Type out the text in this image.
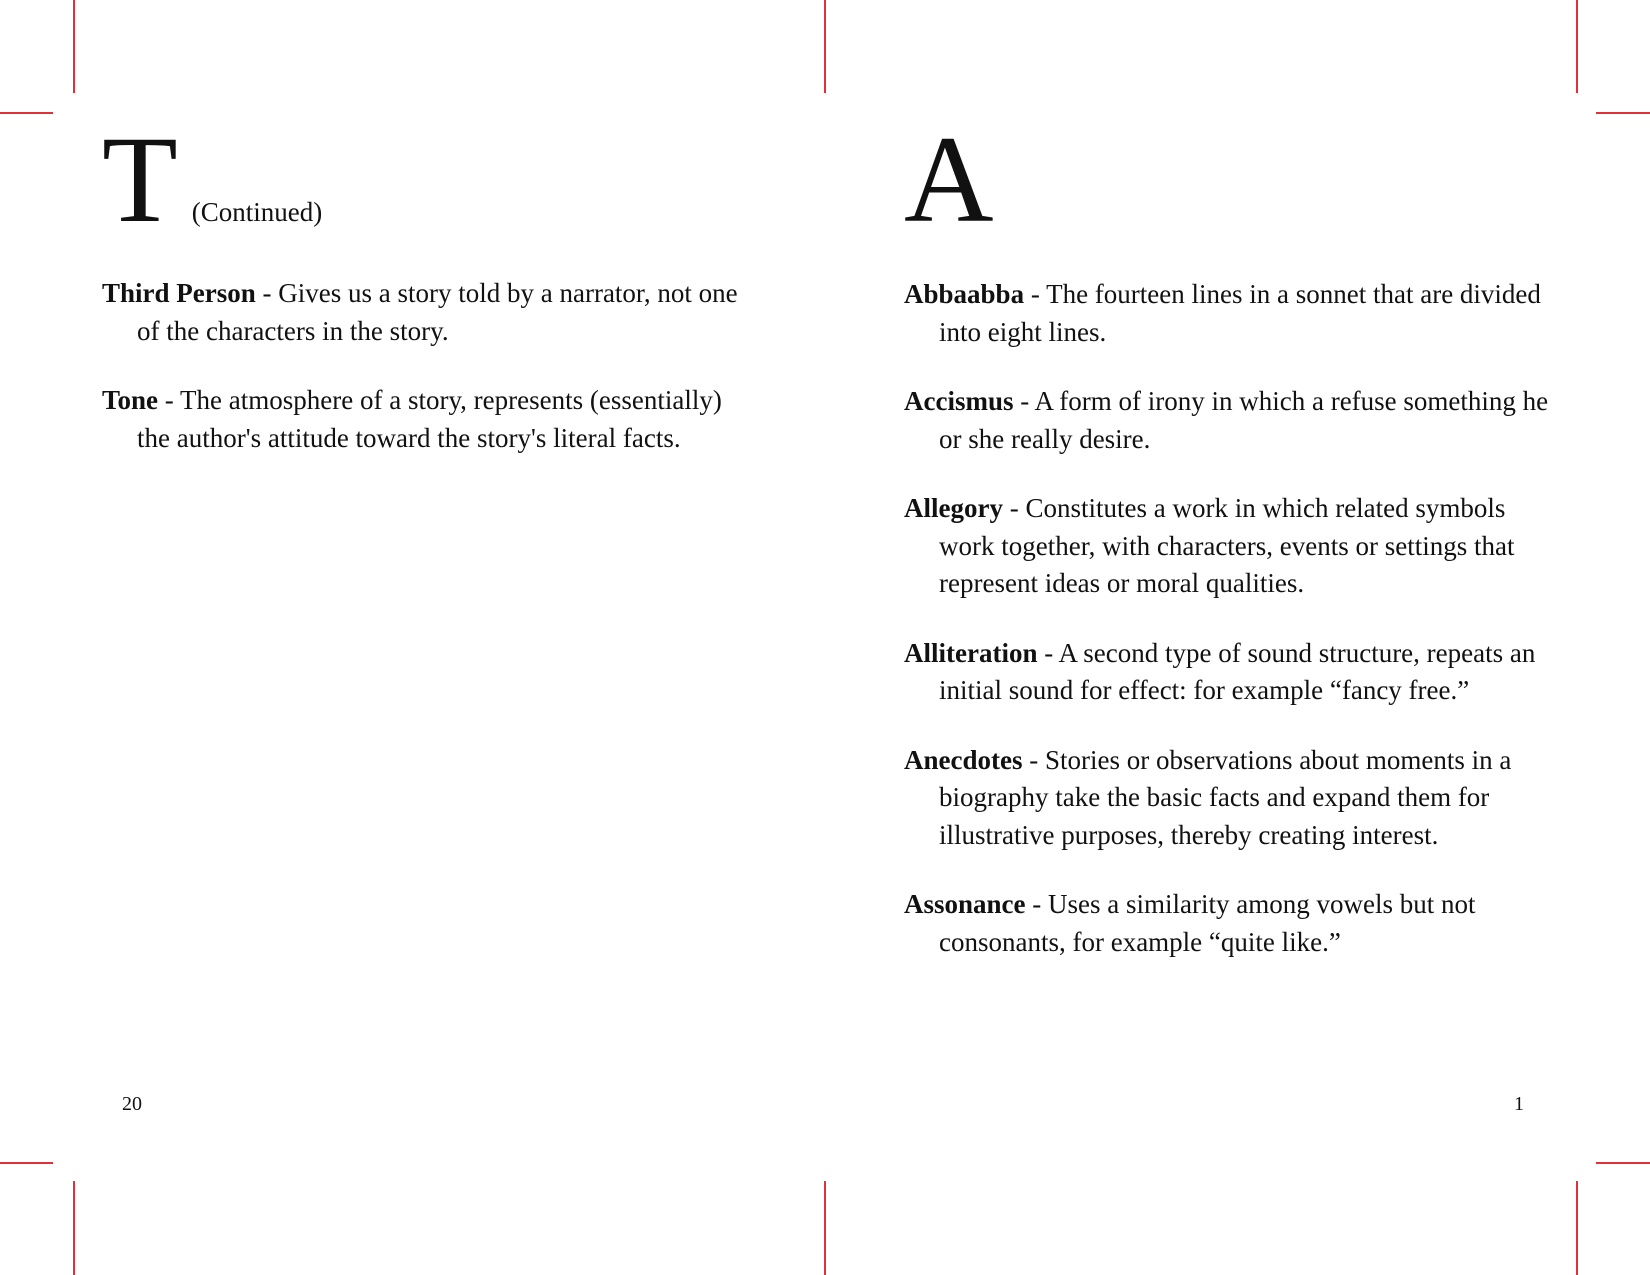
T (Continued)

Third Person - Gives us a story told by a narrator, not one of the characters in the story.

Tone - The atmosphere of a story, represents (essentially) the author's attitude toward the story's literal facts.

20
A

Abbaabba - The fourteen lines in a sonnet that are divided into eight lines.

Accismus - A form of irony in which a refuse something he or she really desire.

Allegory - Constitutes a work in which related symbols work together, with characters, events or settings that represent ideas or moral qualities.

Alliteration - A second type of sound structure, repeats an initial sound for effect: for example “fancy free.”

Anecdotes - Stories or observations about moments in a biography take the basic facts and expand them for illustrative purposes, thereby creating interest.

Assonance - Uses a similarity among vowels but not consonants, for example “quite like.”

1
